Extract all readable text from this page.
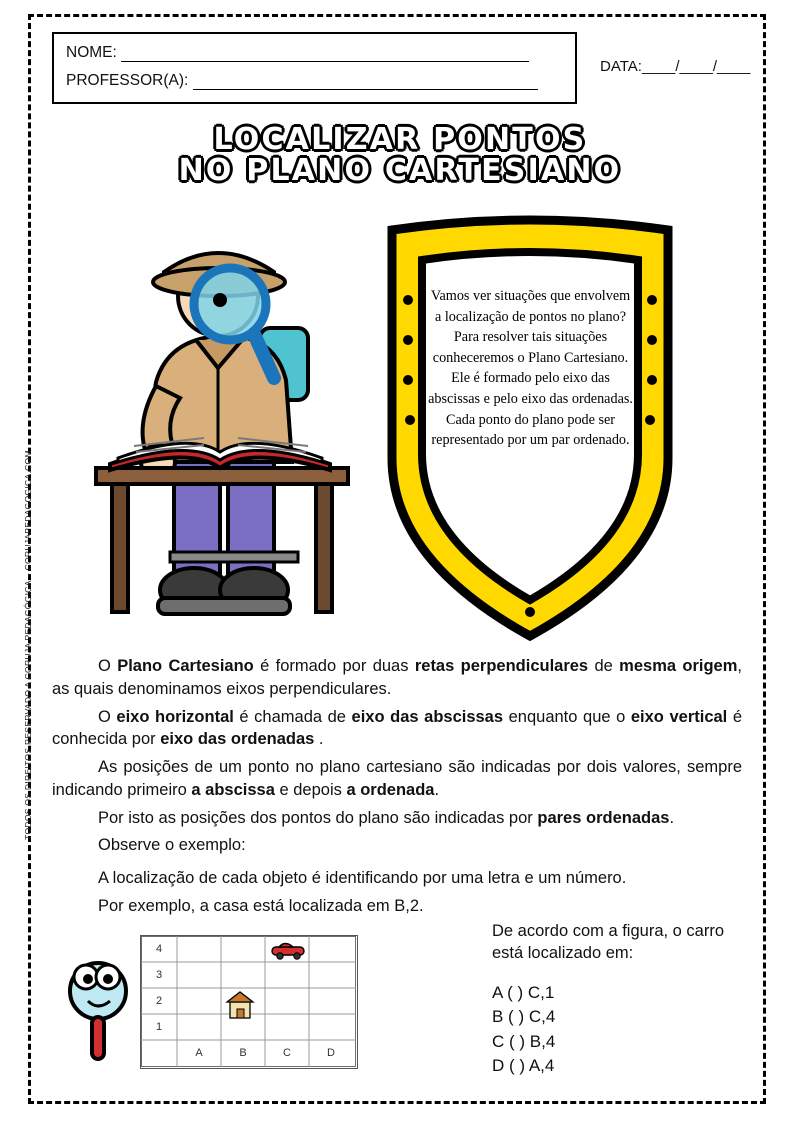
TODOS OS DIREITOS RESERVADO A CORUJA PEDAGÓGICA – CORUJAPEDAGOGICA.COM
NOME:
PROFESSOR(A):
DATA:____/____/____
LOCALIZAR PONTOS
NO PLANO CARTESIANO
Vamos ver situações que envolvem a localização de pontos no plano? Para resolver tais situações conheceremos o Plano Cartesiano. Ele é formado pelo eixo das abscissas e pelo eixo das ordenadas. Cada ponto do plano pode ser representado por um par ordenado.

O Plano Cartesiano é formado por duas retas perpendiculares de mesma origem, as quais denominamos eixos perpendiculares.

O eixo horizontal é chamada de eixo das abscissas enquanto que o eixo vertical é conhecida por eixo das ordenadas .

As posições de um ponto no plano cartesiano são indicadas por dois valores, sempre indicando primeiro a abscissa e depois a ordenada.

Por isto as posições dos pontos do plano são indicadas por pares ordenadas.

Observe o exemplo:

A localização de cada objeto é identificando por uma letra e um número.

Por exemplo, a casa está localizada em B,2.

4
3
2
1
A	B	C	D
De acordo com a figura, o carro está localizado em:
A ( ) C,1
B ( ) C,4
C ( ) B,4
D ( ) A,4
